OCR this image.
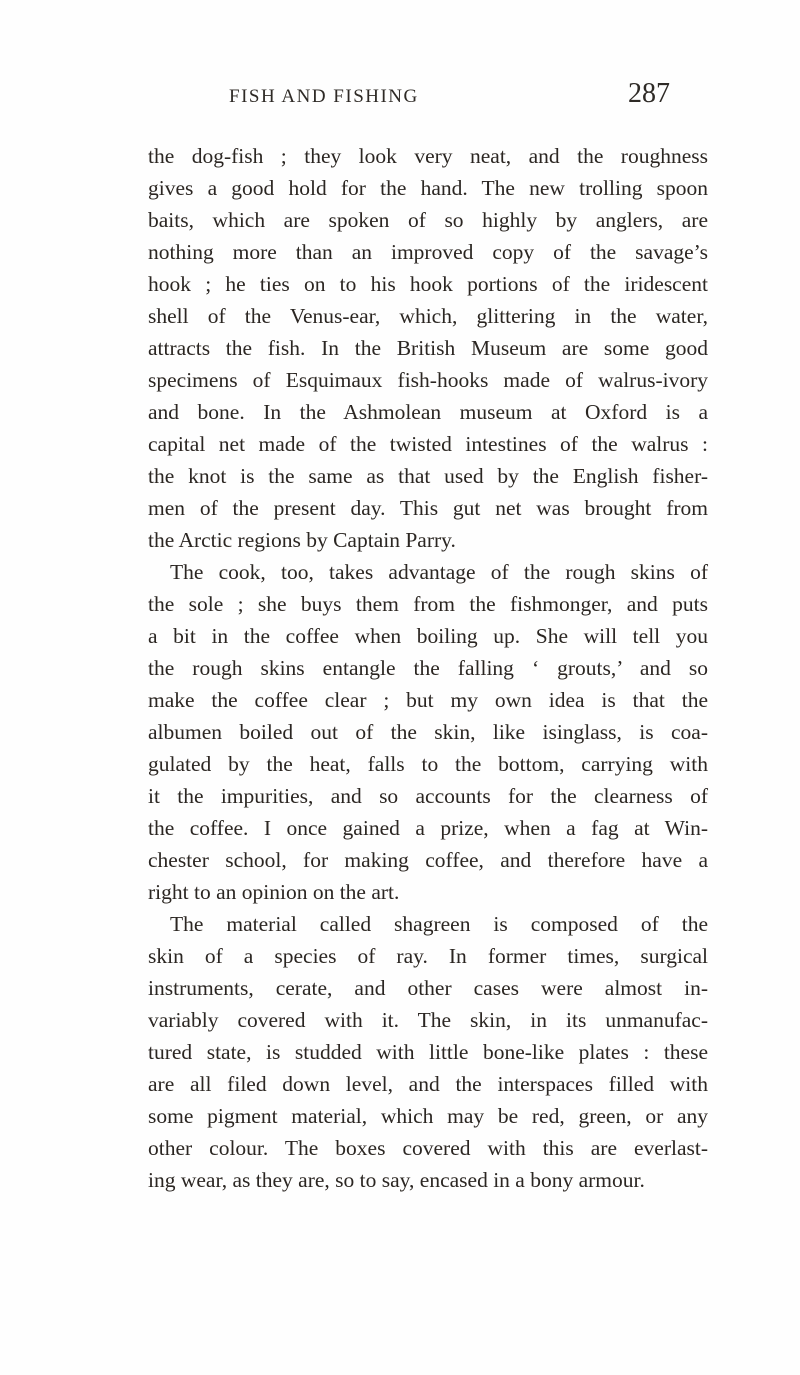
FISH AND FISHING	287
the dog-fish ; they look very neat, and the roughness
gives a good hold for the hand. The new trolling spoon
baits, which are spoken of so highly by anglers, are
nothing more than an improved copy of the savage’s
hook ; he ties on to his hook portions of the iridescent
shell of the Venus-ear, which, glittering in the water,
attracts the fish. In the British Museum are some good
specimens of Esquimaux fish-hooks made of walrus-ivory
and bone. In the Ashmolean museum at Oxford is a
capital net made of the twisted intestines of the walrus :
the knot is the same as that used by the English fisher-
men of the present day. This gut net was brought from
the Arctic regions by Captain Parry.
The cook, too, takes advantage of the rough skins of
the sole ; she buys them from the fishmonger, and puts
a bit in the coffee when boiling up. She will tell you
the rough skins entangle the falling ‘ grouts,’ and so
make the coffee clear ; but my own idea is that the
albumen boiled out of the skin, like isinglass, is coa-
gulated by the heat, falls to the bottom, carrying with
it the impurities, and so accounts for the clearness of
the coffee. I once gained a prize, when a fag at Win-
chester school, for making coffee, and therefore have a
right to an opinion on the art.
The material called shagreen is composed of the
skin of a species of ray. In former times, surgical
instruments, cerate, and other cases were almost in-
variably covered with it. The skin, in its unmanufac-
tured state, is studded with little bone-like plates : these
are all filed down level, and the interspaces filled with
some pigment material, which may be red, green, or any
other colour. The boxes covered with this are everlast-
ing wear, as they are, so to say, encased in a bony armour.
